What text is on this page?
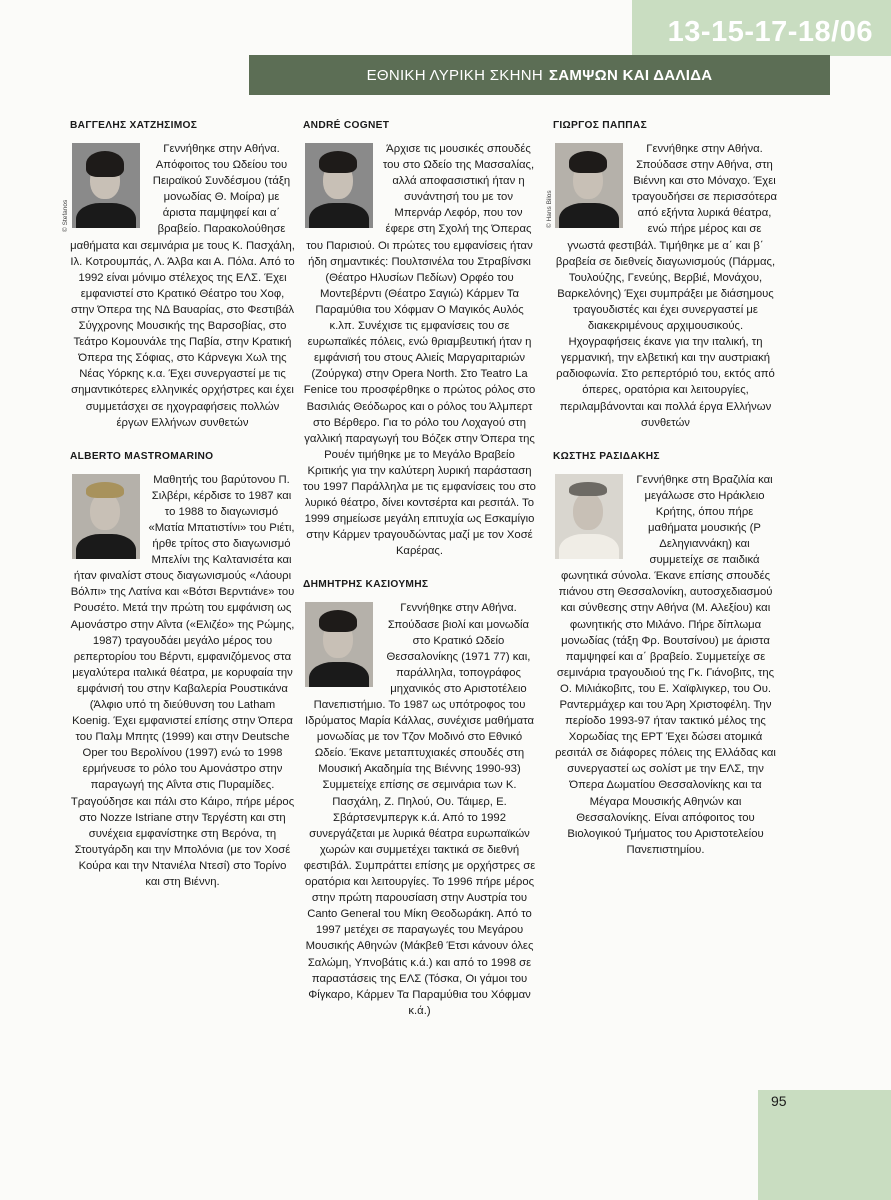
13-15-17-18/06
ΕΘΝΙΚΗ ΛΥΡΙΚΗ ΣΚΗΝΗ ΣΑΜΨΩΝ ΚΑΙ ΔΑΛΙΔΑ

ΒΑΓΓΕΛΗΣ ΧΑΤΖΗΣΙΜΟΣ

Γεννήθηκε στην Αθήνα. Απόφοιτος του Ωδείου του Πειραϊκού Συνδέσμου (τάξη μονωδίας Θ. Μοίρα) με άριστα παμψηφεί και α΄ βραβείο. Παρακολούθησε μαθήματα και σεμινάρια με τους Κ. Πασχάλη, Ιλ. Κοτρουμπάς, Λ. Άλβα και Α. Πόλα. Από το 1992 είναι μόνιμο στέλεχος της ΕΛΣ. Έχει εμφανιστεί στο Κρατικό Θέατρο του Χοφ, στην Όπερα της ΝΔ Βαυαρίας, στο Φεστιβάλ Σύγχρονης Μουσικής της Βαρσοβίας, στο Τεάτρο Κομουνάλε της Παβία, στην Κρατική Όπερα της Σόφιας, στο Κάρνεγκι Χωλ της Νέας Υόρκης κ.α. Έχει συνεργαστεί με τις σημαντικότερες ελληνικές ορχήστρες και έχει συμμετάσχει σε ηχογραφήσεις πολλών έργων Ελλήνων συνθετών

ALBERTO MASTROMARINO

Μαθητής του βαρύτονου Π. Σιλβέρι, κέρδισε το 1987 και το 1988 το διαγωνισμό «Ματία Μπατιστίνι» του Ριέτι, ήρθε τρίτος στο διαγωνισμό Μπελίνι της Καλτανισέτα και ήταν φιναλίστ στους διαγωνισμούς «Λάουρι Βόλπι» της Λατίνα και «Βότσι Βερντιάνε» του Ρουσέτο. Μετά την πρώτη του εμφάνιση ως Αμονάστρο στην Αΐντα («Ελιζέο» της Ρώμης, 1987) τραγουδάει μεγάλο μέρος του ρεπερτορίου του Βέρντι, εμφανιζόμενος στα μεγαλύτερα ιταλικά θέατρα, με κορυφαία την εμφάνισή του στην Καβαλερία Ρουστικάνα (Άλφιο υπό τη διεύθυνση του Latham Koenig. Έχει εμφανιστεί επίσης στην Όπερα του Παλμ Μπητς (1999) και στην Deutsche Oper του Βερολίνου (1997) ενώ το 1998 ερμήνευσε το ρόλο του Αμονάστρο στην παραγωγή της Αΐντα στις Πυραμίδες. Τραγούδησε και πάλι στο Κάιρο, πήρε μέρος στο Nozze Istriane στην Τεργέστη και στη συνέχεια εμφανίστηκε στη Βερόνα, τη Στουτγάρδη και την Μπολόνια (με τον Χοσέ Κούρα και την Ντανιέλα Ντεσί) στο Τορίνο και στη Βιέννη.

© Stefanos

ANDRÉ COGNET

Άρχισε τις μουσικές σπουδές του στο Ωδείο της Μασσαλίας, αλλά αποφασιστική ήταν η συνάντησή του με τον Μπερνάρ Λεφόρ, που τον έφερε στη Σχολή της Όπερας του Παρισιού. Οι πρώτες του εμφανίσεις ήταν ήδη σημαντικές: Πουλτσινέλα του Στραβίνσκι (Θέατρο Ηλυσίων Πεδίων) Ορφέο του Μοντεβέρντι (Θέατρο Σαγιώ) Κάρμεν Τα Παραμύθια του Χόφμαν Ο Μαγικός Αυλός κ.λπ. Συνέχισε τις εμφανίσεις του σε ευρωπαϊκές πόλεις, ενώ θριαμβευτική ήταν η εμφάνισή του στους Αλιείς Μαργαριταριών (Ζούργκα) στην Opera North. Στο Teatro La Fenice του προσφέρθηκε ο πρώτος ρόλος στο Βασιλιάς Θεόδωρος και ο ρόλος του Άλμπερτ στο Βέρθερο. Για το ρόλο του Λοχαγού στη γαλλική παραγωγή του Βόζεκ στην Όπερα της Ρουέν τιμήθηκε με το Μεγάλο Βραβείο Κριτικής για την καλύτερη λυρική παράσταση του 1997 Παράλληλα με τις εμφανίσεις του στο λυρικό θέατρο, δίνει κοντσέρτα και ρεσιτάλ. Το 1999 σημείωσε μεγάλη επιτυχία ως Εσκαμίγιο στην Κάρμεν τραγουδώντας μαζί με τον Χοσέ Καρέρας.

ΔΗΜΗΤΡΗΣ ΚΑΣΙΟΥΜΗΣ

Γεννήθηκε στην Αθήνα. Σπούδασε βιολί και μονωδία στο Κρατικό Ωδείο Θεσσαλονίκης (1971 77) και, παράλληλα, τοπογράφος μηχανικός στο Αριστοτέλειο Πανεπιστήμιο. Το 1987 ως υπότροφος του Ιδρύματος Μαρία Κάλλας, συνέχισε μαθήματα μονωδίας με τον Τζον Μοδινό στο Εθνικό Ωδείο. Έκανε μεταπτυχιακές σπουδές στη Μουσική Ακαδημία της Βιέννης 1990-93) Συμμετείχε επίσης σε σεμινάρια των Κ. Πασχάλη, Ζ. Πηλού, Ου. Τάιμερ, Ε. Σβάρτσενμπεργκ κ.ά. Από το 1992 συνεργάζεται με λυρικά θέατρα ευρωπαϊκών χωρών και συμμετέχει τακτικά σε διεθνή φεστιβάλ. Συμπράττει επίσης με ορχήστρες σε ορατόρια και λειτουργίες. Το 1996 πήρε μέρος στην πρώτη παρουσίαση στην Αυστρία του Canto General του Μίκη Θεοδωράκη. Από το 1997 μετέχει σε παραγωγές του Μεγάρου Μουσικής Αθηνών (Μάκβεθ Έτσι κάνουν όλες Σαλώμη, Υπνοβάτις κ.ά.) και από το 1998 σε παραστάσεις της ΕΛΣ (Τόσκα, Οι γάμοι του Φίγκαρο, Κάρμεν Τα Παραμύθια του Χόφμαν κ.ά.)

ΓΙΩΡΓΟΣ ΠΑΠΠΑΣ

Γεννήθηκε στην Αθήνα. Σπούδασε στην Αθήνα, στη Βιέννη και στο Μόναχο. Έχει τραγουδήσει σε περισσότερα από εξήντα λυρικά θέατρα, ενώ πήρε μέρος και σε γνωστά φεστιβάλ. Τιμήθηκε με α΄ και β΄ βραβεία σε διεθνείς διαγωνισμούς (Πάρμας, Τουλούζης, Γενεύης, Βερβιέ, Μονάχου, Βαρκελόνης) Έχει συμπράξει με διάσημους τραγουδιστές και έχει συνεργαστεί με διακεκριμένους αρχιμουσικούς. Ηχογραφήσεις έκανε για την ιταλική, τη γερμανική, την ελβετική και την αυστριακή ραδιοφωνία. Στο ρεπερτόριό του, εκτός από όπερες, ορατόρια και λειτουργίες, περιλαμβάνονται και πολλά έργα Ελλήνων συνθετών

ΚΩΣΤΗΣ ΡΑΣΙΔΑΚΗΣ

Γεννήθηκε στη Βραζιλία και μεγάλωσε στο Ηράκλειο Κρήτης, όπου πήρε μαθήματα μουσικής (Ρ Δεληγιαννάκη) και συμμετείχε σε παιδικά φωνητικά σύνολα. Έκανε επίσης σπουδές πιάνου στη Θεσσαλονίκη, αυτοσχεδιασμού και σύνθεσης στην Αθήνα (Μ. Αλεξίου) και φωνητικής στο Μιλάνο. Πήρε δίπλωμα μονωδίας (τάξη Φρ. Βουτσίνου) με άριστα παμψηφεί και α΄ βραβείο. Συμμετείχε σε σεμινάρια τραγουδιού της Γκ. Γιάνοβιτς, της Ο. Μιλιάκοβιτς, του Ε. Χαϊφλιγκερ, του Ου. Ραντερμάχερ και του Άρη Χριστοφέλη. Την περίοδο 1993-97 ήταν τακτικό μέλος της Χορωδίας της ΕΡΤ Έχει δώσει ατομικά ρεσιτάλ σε διάφορες πόλεις της Ελλάδας και συνεργαστεί ως σολίστ με την ΕΛΣ, την Όπερα Δωματίου Θεσσαλονίκης και τα Μέγαρα Μουσικής Αθηνών και Θεσσαλονίκης. Είναι απόφοιτος του Βιολογικού Τμήματος του Αριστοτελείου Πανεπιστημίου.

© Hans Bilos
95
